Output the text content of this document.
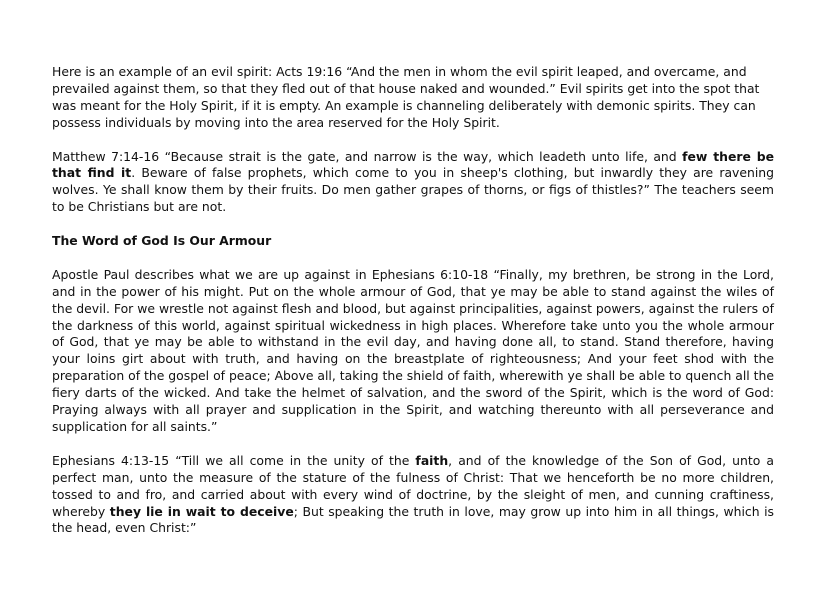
Here is an example of an evil spirit: Acts 19:16 “And the men in whom the evil spirit leaped, and overcame, and prevailed against them, so that they fled out of that house naked and wounded.” Evil spirits get into the spot that was meant for the Holy Spirit, if it is empty. An example is channeling deliberately with demonic spirits. They can possess individuals by moving into the area reserved for the Holy Spirit.

Matthew 7:14-16 “Because strait is the gate, and narrow is the way, which leadeth unto life, and few there be that find it. Beware of false prophets, which come to you in sheep's clothing, but inwardly they are ravening wolves. Ye shall know them by their fruits. Do men gather grapes of thorns, or figs of thistles?” The teachers seem to be Christians but are not.

The Word of God Is Our Armour

Apostle Paul describes what we are up against in Ephesians 6:10-18 “Finally, my brethren, be strong in the Lord, and in the power of his might. Put on the whole armour of God, that ye may be able to stand against the wiles of the devil. For we wrestle not against flesh and blood, but against principalities, against powers, against the rulers of the darkness of this world, against spiritual wickedness in high places. Wherefore take unto you the whole armour of God, that ye may be able to withstand in the evil day, and having done all, to stand. Stand therefore, having your loins girt about with truth, and having on the breastplate of righteousness; And your feet shod with the preparation of the gospel of peace; Above all, taking the shield of faith, wherewith ye shall be able to quench all the fiery darts of the wicked. And take the helmet of salvation, and the sword of the Spirit, which is the word of God: Praying always with all prayer and supplication in the Spirit, and watching thereunto with all perseverance and supplication for all saints.”

Ephesians 4:13-15 “Till we all come in the unity of the faith, and of the knowledge of the Son of God, unto a perfect man, unto the measure of the stature of the fulness of Christ: That we henceforth be no more children, tossed to and fro, and carried about with every wind of doctrine, by the sleight of men, and cunning craftiness, whereby they lie in wait to deceive; But speaking the truth in love, may grow up into him in all things, which is the head, even Christ:”
